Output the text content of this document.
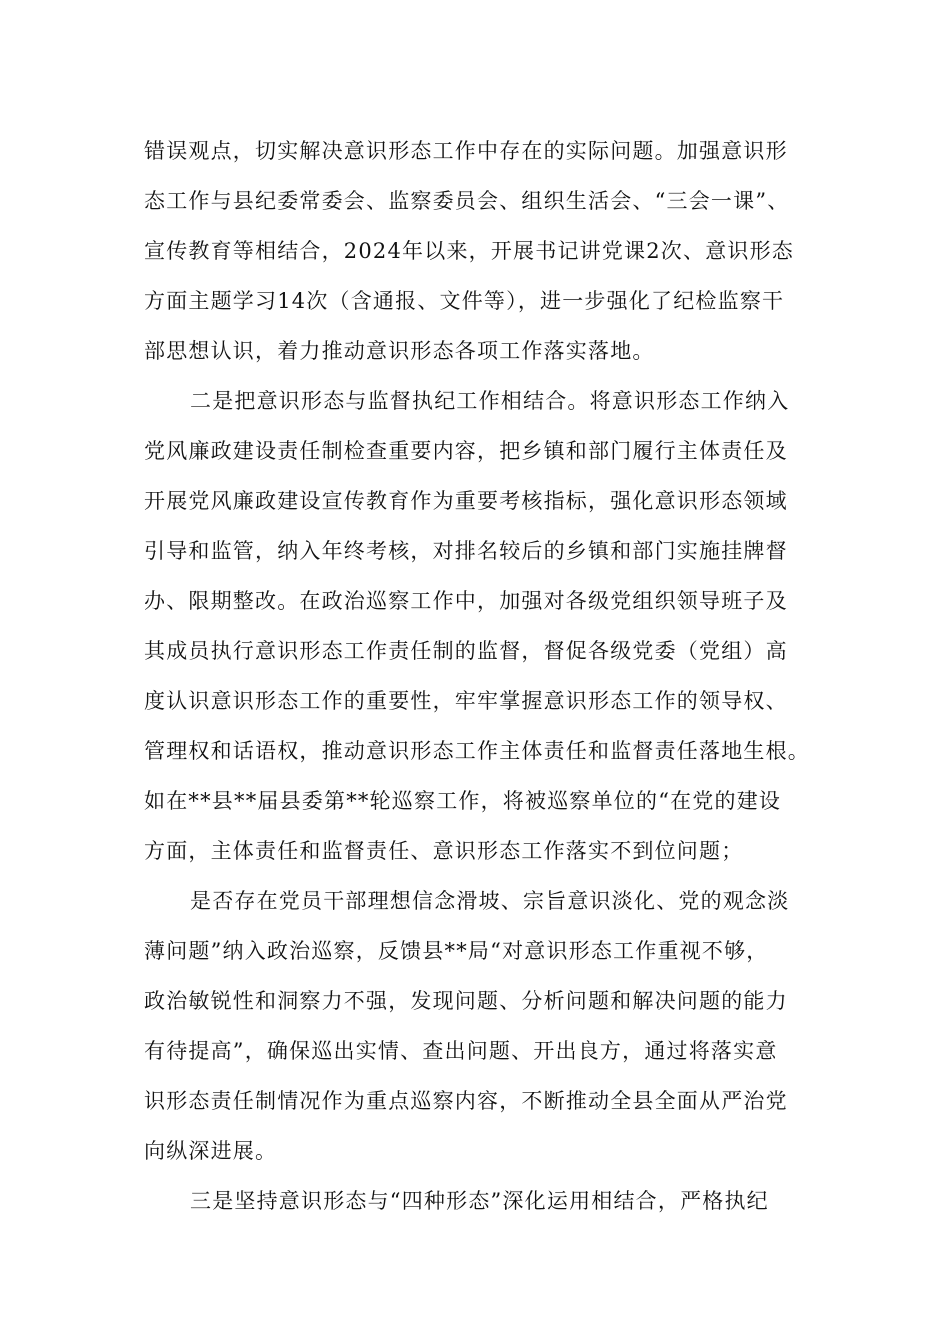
错误观点，切实解决意识形态工作中存在的实际问题。加强意识形
态工作与县纪委常委会、监察委员会、组织生活会、“三会一课”、
宣传教育等相结合，2024年以来，开展书记讲党课2次、意识形态
方面主题学习14次（含通报、文件等），进一步强化了纪检监察干
部思想认识，着力推动意识形态各项工作落实落地。
二是把意识形态与监督执纪工作相结合。将意识形态工作纳入
党风廉政建设责任制检查重要内容，把乡镇和部门履行主体责任及
开展党风廉政建设宣传教育作为重要考核指标，强化意识形态领域
引导和监管，纳入年终考核，对排名较后的乡镇和部门实施挂牌督
办、限期整改。在政治巡察工作中，加强对各级党组织领导班子及
其成员执行意识形态工作责任制的监督，督促各级党委（党组）高
度认识意识形态工作的重要性，牢牢掌握意识形态工作的领导权、
管理权和话语权，推动意识形态工作主体责任和监督责任落地生根。
如在**县**届县委第**轮巡察工作，将被巡察单位的“在党的建设
方面，主体责任和监督责任、意识形态工作落实不到位问题；
是否存在党员干部理想信念滑坡、宗旨意识淡化、党的观念淡
薄问题”纳入政治巡察，反馈县**局“对意识形态工作重视不够，
政治敏锐性和洞察力不强，发现问题、分析问题和解决问题的能力
有待提高”，确保巡出实情、查出问题、开出良方，通过将落实意
识形态责任制情况作为重点巡察内容，不断推动全县全面从严治党
向纵深进展。
三是坚持意识形态与“四种形态”深化运用相结合，严格执纪
